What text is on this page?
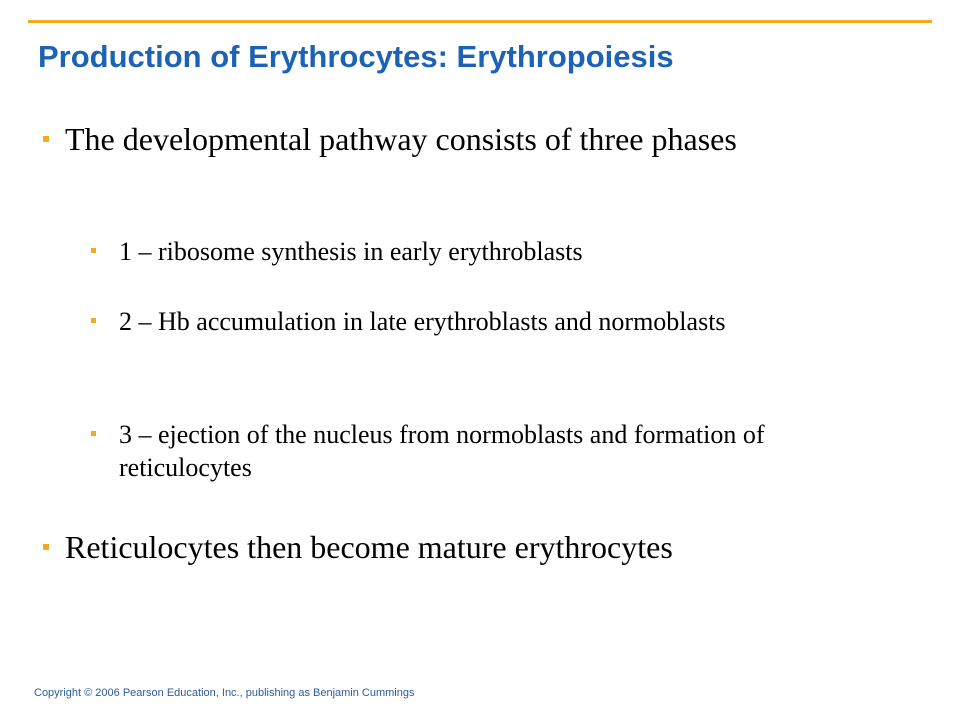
Production of Erythrocytes: Erythropoiesis
The developmental pathway consists of three phases
1 – ribosome synthesis in early erythroblasts
2 – Hb accumulation in late erythroblasts and normoblasts
3 – ejection of the nucleus from normoblasts and formation of reticulocytes
Reticulocytes then become mature erythrocytes
Copyright © 2006 Pearson Education, Inc., publishing as Benjamin Cummings
